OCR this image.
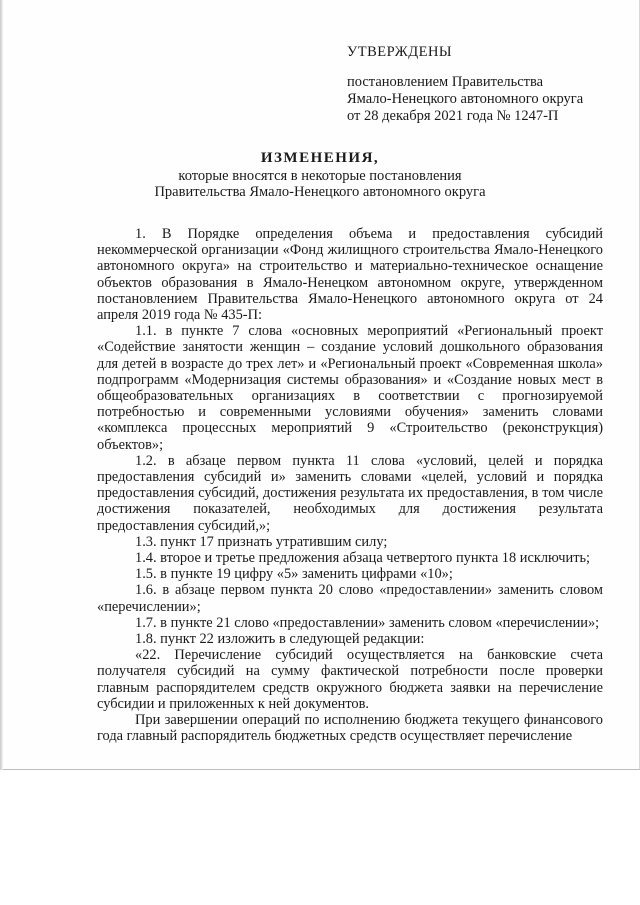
УТВЕРЖДЕНЫ
постановлением Правительства
Ямало-Ненецкого автономного округа
от 28 декабря 2021 года № 1247-П
ИЗМЕНЕНИЯ,
которые вносятся в некоторые постановления
Правительства Ямало-Ненецкого автономного округа

1. В Порядке определения объема и предоставления субсидий некоммерческой организации «Фонд жилищного строительства Ямало-Ненецкого автономного округа» на строительство и материально-техническое оснащение объектов образования в Ямало-Ненецком автономном округе, утвержденном постановлением Правительства Ямало-Ненецкого автономного округа от 24 апреля 2019 года № 435-П:

1.1. в пункте 7 слова «основных мероприятий «Региональный проект «Содействие занятости женщин – создание условий дошкольного образования для детей в возрасте до трех лет» и «Региональный проект «Современная школа» подпрограмм «Модернизация системы образования» и «Создание новых мест в общеобразовательных организациях в соответствии с прогнозируемой потребностью и современными условиями обучения» заменить словами «комплекса процессных мероприятий 9 «Строительство (реконструкция) объектов»;

1.2. в абзаце первом пункта 11 слова «условий, целей и порядка предоставления субсидий и» заменить словами «целей, условий и порядка предоставления субсидий, достижения результата их предоставления, в том числе достижения показателей, необходимых для достижения результата предоставления субсидий,»;

1.3. пункт 17 признать утратившим силу;

1.4. второе и третье предложения абзаца четвертого пункта 18 исключить;

1.5. в пункте 19 цифру «5» заменить цифрами «10»;

1.6. в абзаце первом пункта 20 слово «предоставлении» заменить словом «перечислении»;

1.7. в пункте 21 слово «предоставлении» заменить словом «перечислении»;

1.8. пункт 22 изложить в следующей редакции:

«22. Перечисление субсидий осуществляется на банковские счета получателя субсидий на сумму фактической потребности после проверки главным распорядителем средств окружного бюджета заявки на перечисление субсидии и приложенных к ней документов.

При завершении операций по исполнению бюджета текущего финансового года главный распорядитель бюджетных средств осуществляет перечисление
